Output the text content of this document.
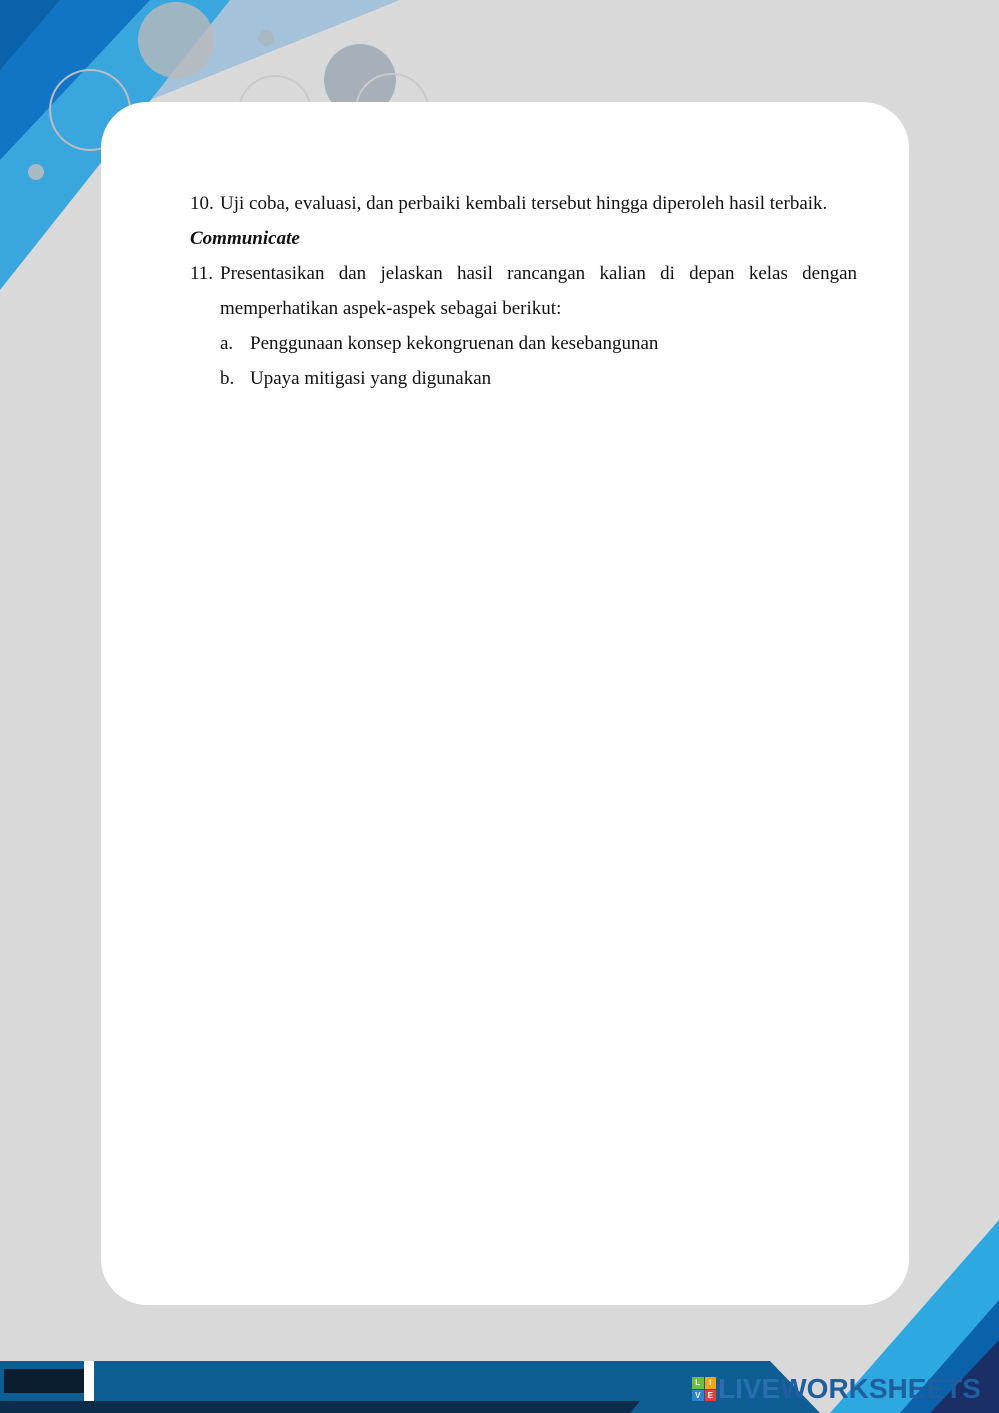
10. Uji coba, evaluasi, dan perbaiki kembali tersebut hingga diperoleh hasil terbaik.
Communicate
11. Presentasikan dan jelaskan hasil rancangan kalian di depan kelas dengan
memperhatikan aspek-aspek sebagai berikut:
a. Penggunaan konsep kekongruenan dan kesebangunan
b. Upaya mitigasi yang digunakan
L	I
V E LIVEWORKSHEETS
